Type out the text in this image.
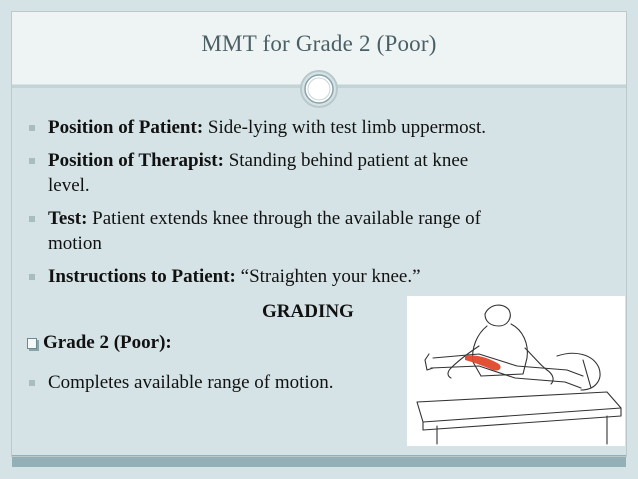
MMT for Grade 2 (Poor)
Position of Patient: Side-lying with test limb uppermost.
Position of Therapist: Standing behind patient at knee
level.
Test: Patient extends knee through the available range of
motion
Instructions to Patient: “Straighten your knee.”
GRADING
Grade 2 (Poor):
Completes available range of motion.
